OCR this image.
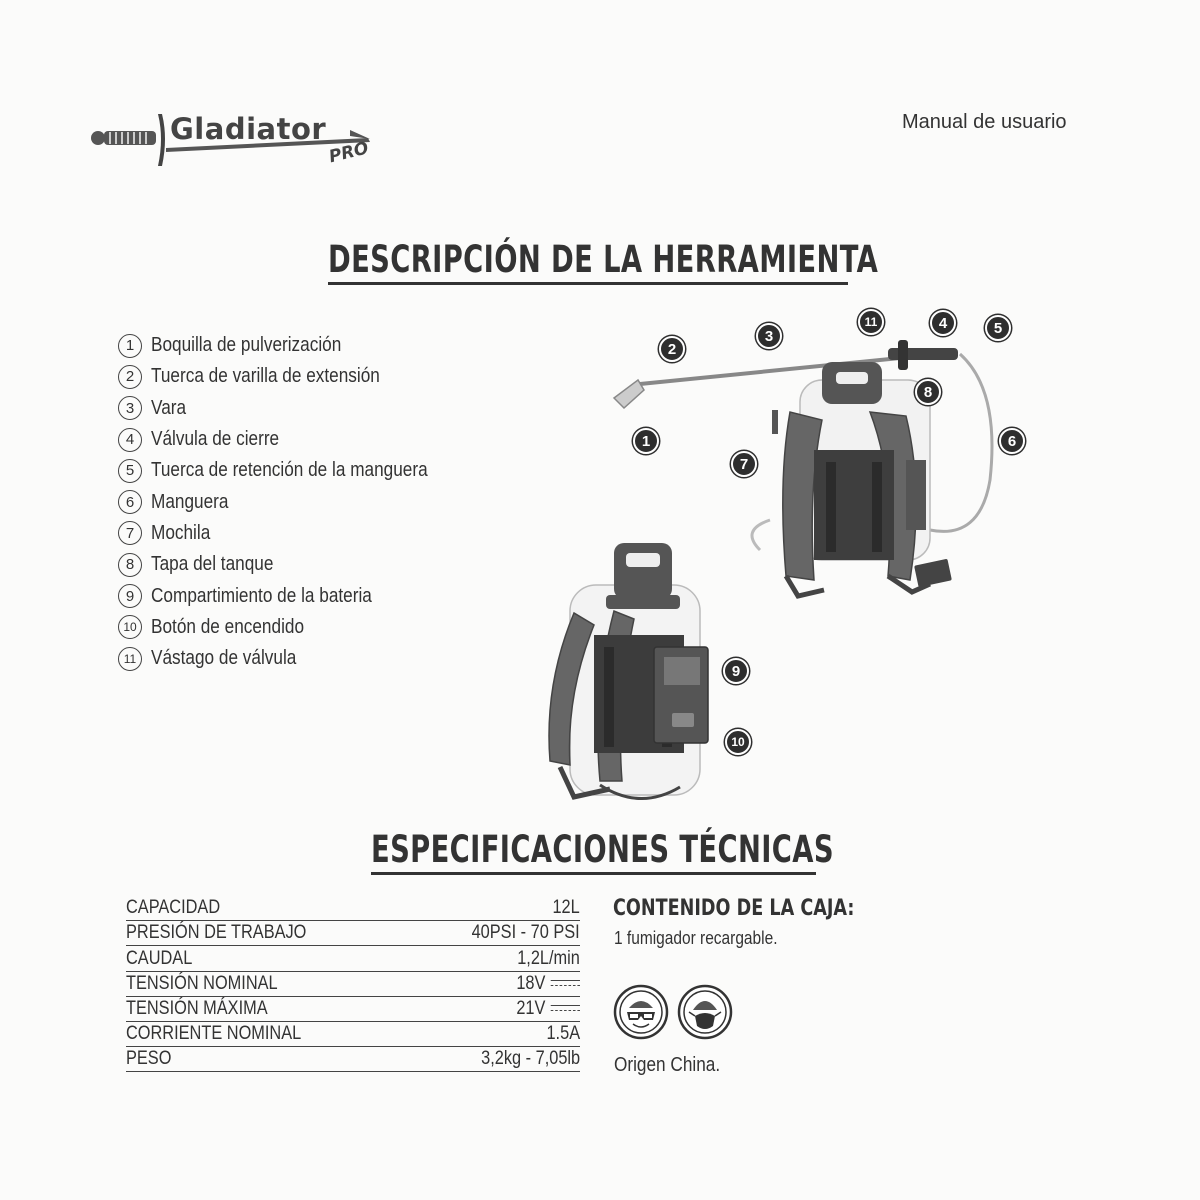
Gladiator
PRO
Manual de usuario
DESCRIPCIÓN DE LA HERRAMIENTA
1 Boquilla de pulverización
2 Tuerca de varilla de extensión
3 Vara
4 Válvula de cierre
5 Tuerca de retención de la manguera
6 Manguera
7 Mochila
8 Tapa del tanque
9 Compartimiento de la bateria
10 Botón de encendido
11 Vástago de válvula
1
2
3
4	5
6
7
8
9
10
11
ESPECIFICACIONES TÉCNICAS
CAPACIDAD	12L
PRESIÓN DE TRABAJO	40PSI - 70 PSI
CAUDAL	1,2L/min
TENSIÓN NOMINAL	18V
TENSIÓN MÁXIMA	21V
CORRIENTE NOMINAL	1.5A
PESO	3,2kg - 7,05lb
CONTENIDO DE LA CAJA:
1 fumigador recargable.
Origen China.
